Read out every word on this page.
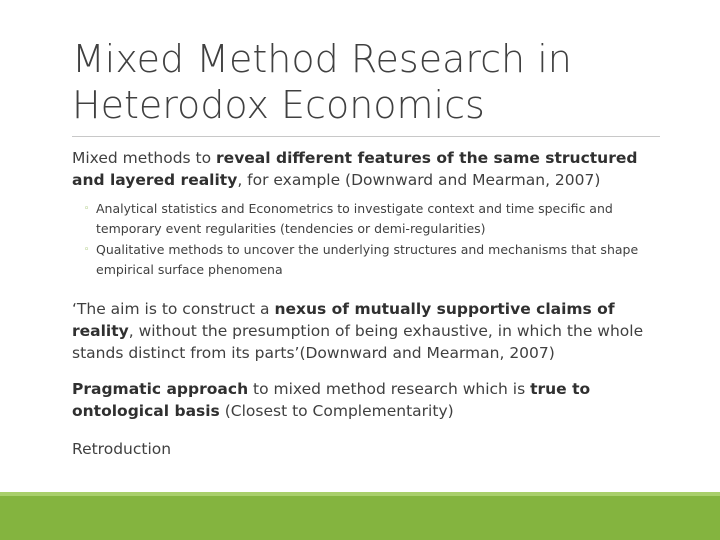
Mixed Method Research in Heterodox Economics

Mixed methods to reveal different features of the same structured and layered reality, for example (Downward and Mearman, 2007)

◦ Analytical statistics and Econometrics to investigate context and time specific and temporary event regularities (tendencies or demi-regularities)
◦ Qualitative methods to uncover the underlying structures and mechanisms that shape empirical surface phenomena

‘The aim is to construct a nexus of mutually supportive claims of reality, without the presumption of being exhaustive, in which the whole stands distinct from its parts’(Downward and Mearman, 2007)

Pragmatic approach to mixed method research which is true to ontological basis (Closest to Complementarity)

Retroduction
